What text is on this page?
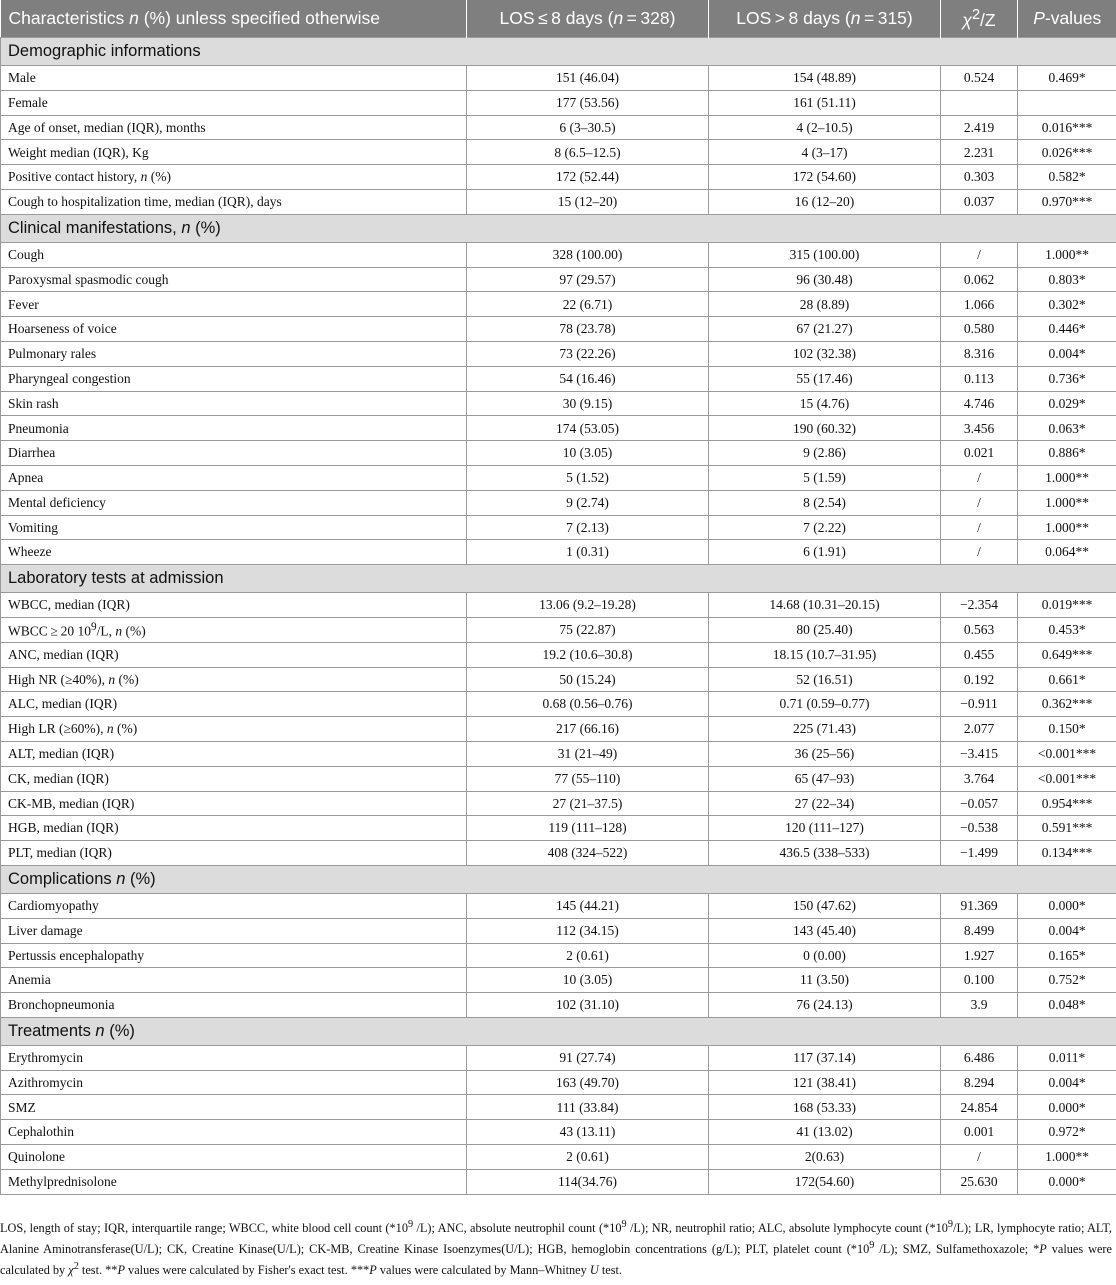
Characteristics n (%) unless specified otherwise	LOS ≤ 8 days (n = 328)	LOS > 8 days (n = 315)	$\chi^2/Z$	P-values
Demographic informations				
Male	151 (46.04)	154 (48.89)	0.524	0.469*
Female	177 (53.56)	161 (51.11)		
Age of onset, median (IQR), months	6 (3–30.5)	4 (2–10.5)	2.419	0.016***
Weight median (IQR), Kg	8 (6.5–12.5)	4 (3–17)	2.231	0.026***
Positive contact history, n (%)	172 (52.44)	172 (54.60)	0.303	0.582*
Cough to hospitalization time, median (IQR), days	15 (12–20)	16 (12–20)	0.037	0.970***
Clinical manifestations, n (%)				
Cough	328 (100.00)	315 (100.00)	/	1.000**
Paroxysmal spasmodic cough	97 (29.57)	96 (30.48)	0.062	0.803*
Fever	22 (6.71)	28 (8.89)	1.066	0.302*
Hoarseness of voice	78 (23.78)	67 (21.27)	0.580	0.446*
Pulmonary rales	73 (22.26)	102 (32.38)	8.316	0.004*
Pharyngeal congestion	54 (16.46)	55 (17.46)	0.113	0.736*
Skin rash	30 (9.15)	15 (4.76)	4.746	0.029*
Pneumonia	174 (53.05)	190 (60.32)	3.456	0.063*
Diarrhea	10 (3.05)	9 (2.86)	0.021	0.886*
Apnea	5 (1.52)	5 (1.59)	/	1.000**
Mental deficiency	9 (2.74)	8 (2.54)	/	1.000**
Vomiting	7 (2.13)	7 (2.22)	/	1.000**
Wheeze	1 (0.31)	6 (1.91)	/	0.064**
Laboratory tests at admission				
WBCC, median (IQR)	13.06 (9.2–19.28)	14.68 (10.31–20.15)	−2.354	0.019***
WBCC ≥ 20 $10^9/L$, n (%)	75 (22.87)	80 (25.40)	0.563	0.453*
ANC, median (IQR)	19.2 (10.6–30.8)	18.15 (10.7–31.95)	0.455	0.649***
High NR (≥40%), n (%)	50 (15.24)	52 (16.51)	0.192	0.661*
ALC, median (IQR)	0.68 (0.56–0.76)	0.71 (0.59–0.77)	−0.911	0.362***
High LR (≥60%), n (%)	217 (66.16)	225 (71.43)	2.077	0.150*
ALT, median (IQR)	31 (21–49)	36 (25–56)	−3.415	<0.001***
CK, median (IQR)	77 (55–110)	65 (47–93)	3.764	<0.001***
CK-MB, median (IQR)	27 (21–37.5)	27 (22–34)	−0.057	0.954***
HGB, median (IQR)	119 (111–128)	120 (111–127)	−0.538	0.591***
PLT, median (IQR)	408 (324–522)	436.5 (338–533)	−1.499	0.134***
Complications n (%)				
Cardiomyopathy	145 (44.21)	150 (47.62)	91.369	0.000*
Liver damage	112 (34.15)	143 (45.40)	8.499	0.004*
Pertussis encephalopathy	2 (0.61)	0 (0.00)	1.927	0.165*
Anemia	10 (3.05)	11 (3.50)	0.100	0.752*
Bronchopneumonia	102 (31.10)	76 (24.13)	3.9	0.048*
Treatments n (%)				
Erythromycin	91 (27.74)	117 (37.14)	6.486	0.011*
Azithromycin	163 (49.70)	121 (38.41)	8.294	0.004*
SMZ	111 (33.84)	168 (53.33)	24.854	0.000*
Cephalothin	43 (13.11)	41 (13.02)	0.001	0.972*
Quinolone	2 (0.61)	2(0.63)	/	1.000**
Methylprednisolone	114(34.76)	172(54.60)	25.630	0.000*

LOS, length of stay; IQR, interquartile range; WBCC, white blood cell count ($*10^9$ /L); ANC, absolute neutrophil count ($*10^9$ /L); NR, neutrophil ratio; ALC, absolute lymphocyte count $(*10^9/L)$; LR, lymphocyte ratio; ALT, Alanine Aminotransferase(U/L); CK, Creatine Kinase(U/L); CK-MB, Creatine Kinase Isoenzymes(U/L); HGB, hemoglobin concentrations (g/L); PLT, platelet count ($*10^9$ /L); SMZ, Sulfamethoxazole; *P values were calculated by $\chi^2$ test. **P values were calculated by Fisher's exact test. ***P values were calculated by Mann–Whitney U test.
